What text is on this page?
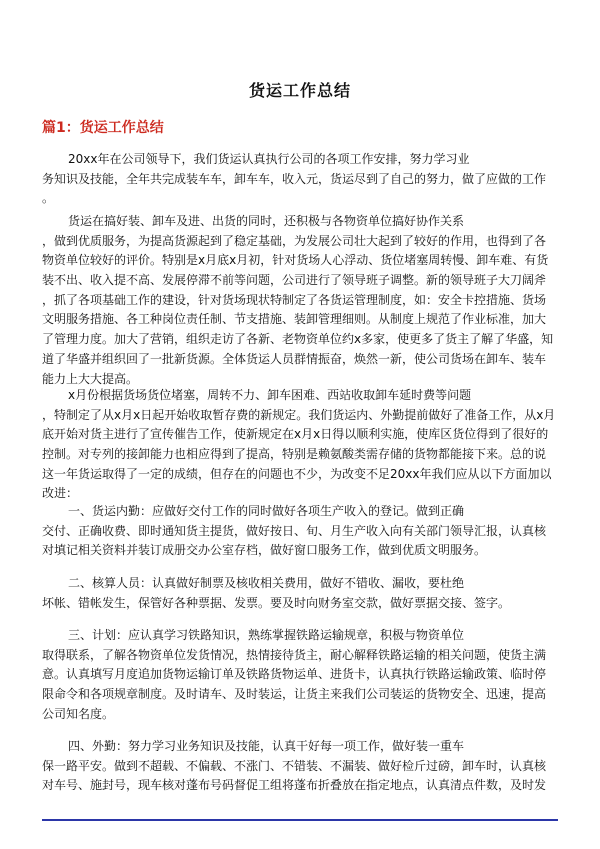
货运工作总结
篇1：货运工作总结
20xx年在公司领导下，我们货运认真执行公司的各项工作安排，努力学习业
务知识及技能，全年共完成装车车，卸车车，收入元，货运尽到了自己的努力，做了应做的工作
。
货运在搞好装、卸车及进、出货的同时，还积极与各物资单位搞好协作关系
，做到优质服务，为提高货源起到了稳定基础，为发展公司壮大起到了较好的作用，也得到了各
物资单位较好的评价。特别是x月底x月初，针对货场人心浮动、货位堵塞周转慢、卸车难、有货
装不出、收入提不高、发展停滞不前等问题，公司进行了领导班子调整。新的领导班子大刀阔斧
，抓了各项基础工作的建设，针对货场现状特制定了各货运管理制度，如：安全卡控措施、货场
文明服务措施、各工种岗位责任制、节支措施、装卸管理细则。从制度上规范了作业标准，加大
了管理力度。加大了营销，组织走访了各新、老物资单位约x多家，使更多了货主了解了华盛，知
道了华盛并组织回了一批新货源。全体货运人员群情振奋，焕然一新，使公司货场在卸车、装车
能力上大大提高。
x月份根据货场货位堵塞，周转不力、卸车困难、西站收取卸车延时费等问题
，特制定了从x月x日起开始收取暂存费的新规定。我们货运内、外勤提前做好了准备工作，从x月
底开始对货主进行了宣传催告工作，使新规定在x月x日得以顺利实施，使库区货位得到了很好的
控制。对专列的接卸能力也相应得到了提高，特别是赖氨酸类需存储的货物都能接下来。总的说
这一年货运取得了一定的成绩，但存在的问题也不少，为改变不足20xx年我们应从以下方面加以
改进：
一、货运内勤：应做好交付工作的同时做好各项生产收入的登记。做到正确
交付、正确收费、即时通知货主提货，做好按日、旬、月生产收入向有关部门领导汇报，认真核
对填记相关资料并装订成册交办公室存档，做好窗口服务工作，做到优质文明服务。
二、核算人员：认真做好制票及核收相关费用，做好不错收、漏收，要杜绝
坏帐、错帐发生，保管好各种票据、发票。要及时向财务室交款，做好票据交接、签字。
三、计划：应认真学习铁路知识，熟练掌握铁路运输规章，积极与物资单位
取得联系，了解各物资单位发货情况，热情接待货主，耐心解释铁路运输的相关问题，使货主满
意。认真填写月度追加货物运输订单及铁路货物运单、进货卡，认真执行铁路运输政策、临时停
限命令和各项规章制度。及时请车、及时装运，让货主来我们公司装运的货物安全、迅速，提高
公司知名度。
四、外勤：努力学习业务知识及技能，认真干好每一项工作，做好装一重车
保一路平安。做到不超载、不偏载、不涨门、不错装、不漏装、做好检斤过磅，卸车时，认真核
对车号、施封号，现车核对蓬布号码督促工组将蓬布折叠放在指定地点，认真清点件数，及时发
